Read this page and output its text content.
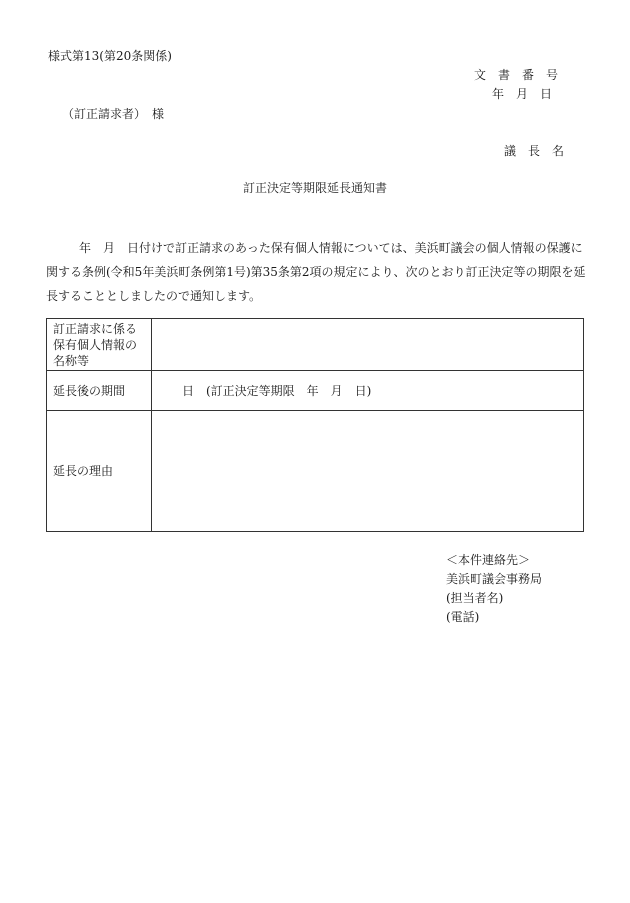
様式第13(第20条関係)
文　書　番　号
年　月　日
（訂正請求者）　様
議　長　名
訂正決定等期限延長通知書
年　月　日付けで訂正請求のあった保有個人情報については、美浜町議会の個人情報の保護に関する条例(令和5年美浜町条例第1号)第35条第2項の規定により、次のとおり訂正決定等の期限を延長することとしましたので通知します。
訂正請求に係る保有個人情報の名称等	
延長後の期間	日　(訂正決定等期限　年　月　日)
延長の理由	
＜本件連絡先＞
美浜町議会事務局
(担当者名)
(電話)
